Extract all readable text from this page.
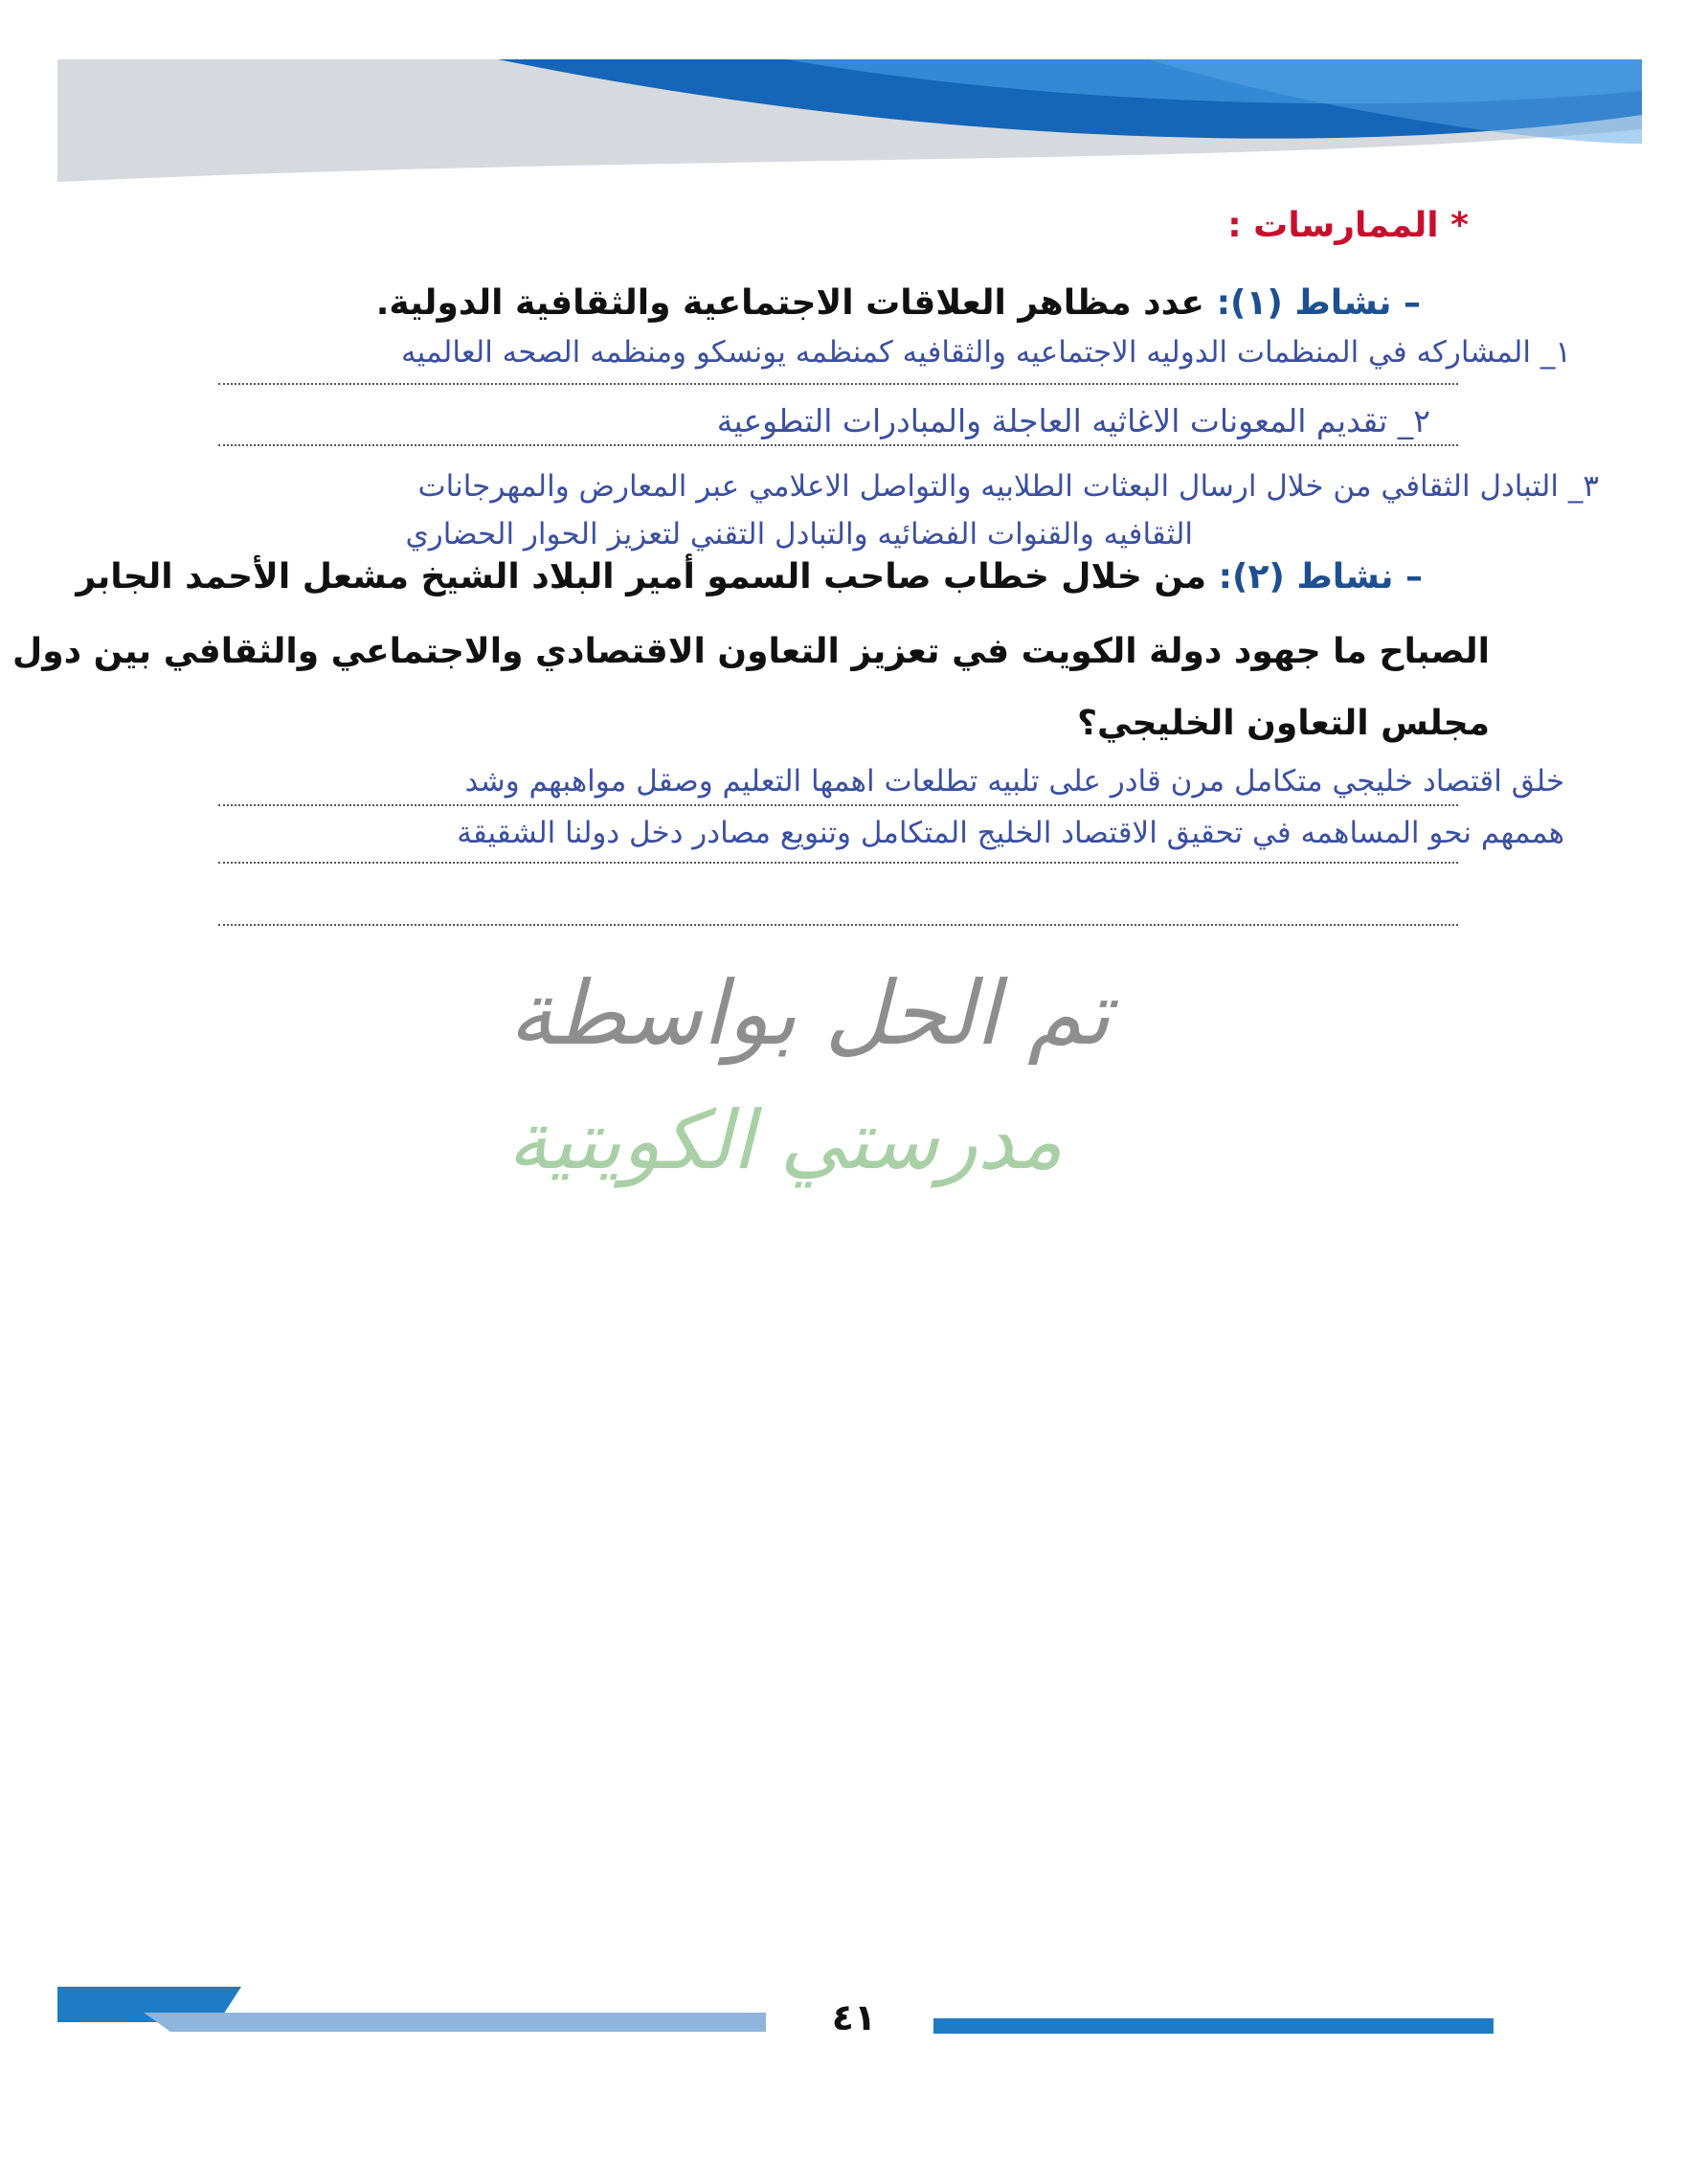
* الممارسات :
– نشاط (١): عدد مظاهر العلاقات الاجتماعية والثقافية الدولية.
١_ المشاركه في المنظمات الدوليه الاجتماعيه والثقافيه كمنظمه يونسكو ومنظمه الصحه العالميه
٢_ تقديم المعونات الاغاثيه العاجلة والمبادرات التطوعية
٣_ التبادل الثقافي من خلال ارسال البعثات الطلابيه والتواصل الاعلامي عبر المعارض والمهرجانات
الثقافيه والقنوات الفضائيه والتبادل التقني لتعزيز الحوار الحضاري
– نشاط (٢): من خلال خطاب صاحب السمو أمير البلاد الشيخ مشعل الأحمد الجابر
الصباح ما جهود دولة الكويت في تعزيز التعاون الاقتصادي والاجتماعي والثقافي بين دول
مجلس التعاون الخليجي؟
خلق اقتصاد خليجي متكامل مرن قادر على تلبيه تطلعات اهمها التعليم وصقل مواهبهم وشد
هممهم نحو المساهمه في تحقيق الاقتصاد الخليج المتكامل وتنويع مصادر دخل دولنا الشقيقة
تم الحل بواسطة
مدرستي الكويتية
٤١
